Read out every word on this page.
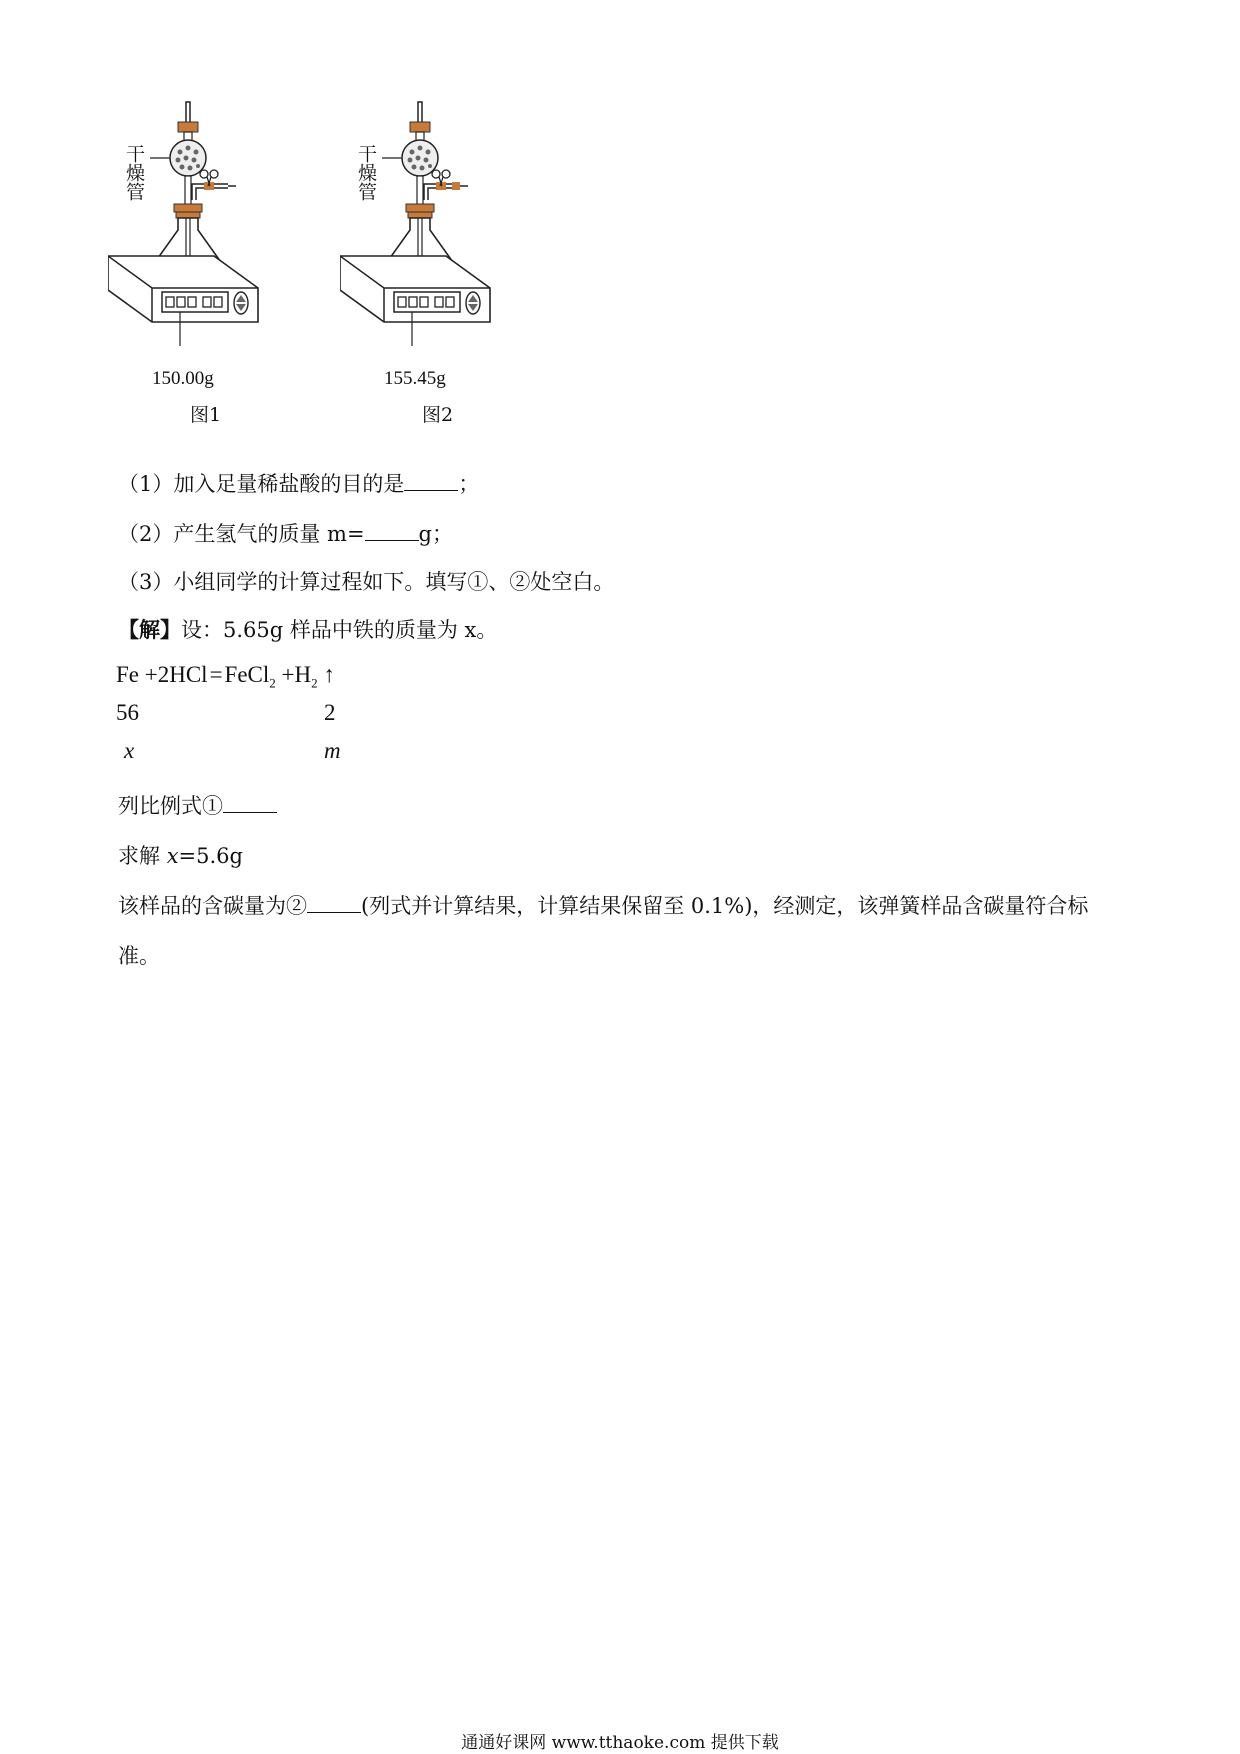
干燥管
150.00g
图1
干燥管
155.45g
图2
（1）加入足量稀盐酸的目的是	；
（2）产生氢气的质量 m=	g；
（3）小组同学的计算过程如下。填写①、②处空白。
【解】设：5.65g 样品中铁的质量为 x。
Fe +2HCl=FeCl$_2$ $+H_2$ ↑
56	2
x	m
列比例式①
求解 x=5.6g
该样品的含碳量为②	(列式并计算结果，计算结果保留至 0.1%)，经测定，该弹簧样品含碳量符合标
准。
通通好课网 www.tthaoke.com 提供下载
